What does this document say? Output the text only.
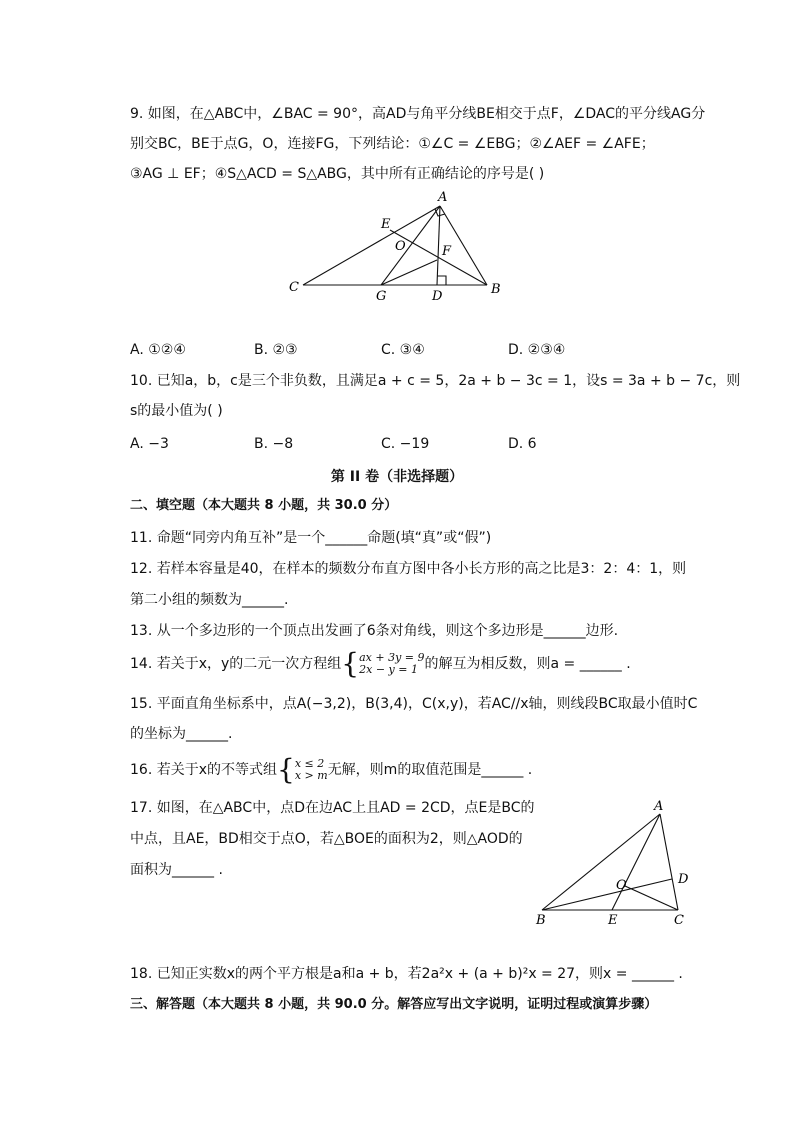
9. 如图，在△ABC中，∠BAC = 90°，高AD与角平分线BE相交于点F，∠DAC的平分线AG分
别交BC，BE于点G，O，连接FG，下列结论：①∠C = ∠EBG；②∠AEF = ∠AFE；
③AG ⊥ EF；④S△ACD = S△ABG，其中所有正确结论的序号是( )
A
E
O	F
C
G	D	B
A. ①②④	B. ②③	C. ③④	D. ②③④
10. 已知a，b，c是三个非负数，且满足a + c = 5，2a + b − 3c = 1，设s = 3a + b − 7c，则
s的最小值为( )
A. −3	B. −8	C. −19	D. 6
第 II 卷（非选择题）
二、填空题（本大题共 8 小题，共 30.0 分）
11. 命题“同旁内角互补”是一个______命题(填“真”或“假”)
12. 若样本容量是40，在样本的频数分布直方图中各小长方形的高之比是3：2：4：1，则
第二小组的频数为______.
13. 从一个多边形的一个顶点出发画了6条对角线，则这个多边形是______边形.
14. 若关于x，y的二元一次方程组 { ax + 3y = 9
2x − y = 1 的解互为相反数，则a = ______ .
15. 平面直角坐标系中，点A(−3,2)，B(3,4)，C(x,y)，若AC//x轴，则线段BC取最小值时C
的坐标为______.
16. 若关于x的不等式组 { x ≤ 2
x > m 无解，则m的取值范围是______ .
17. 如图，在△ABC中，点D在边AC上且AD = 2CD，点E是BC的
中点，且AE，BD相交于点O，若△BOE的面积为2，则△AOD的
面积为______ .
A
O	D
B	E	C
18. 已知正实数x的两个平方根是a和a + b，若2a²x + (a + b)²x = 27，则x = ______ .
三、解答题（本大题共 8 小题，共 90.0 分。解答应写出文字说明，证明过程或演算步骤）
